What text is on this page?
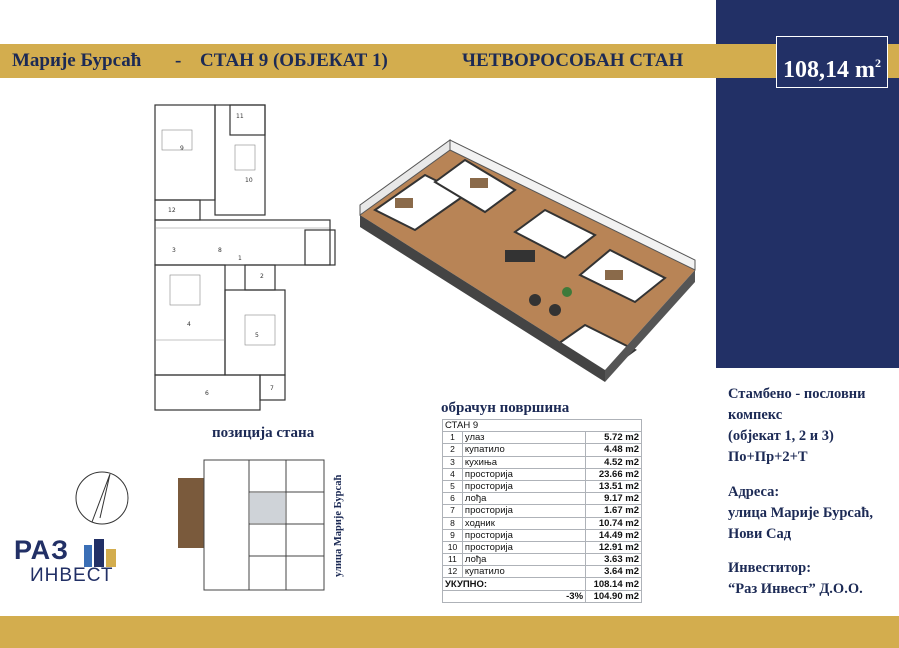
Марије Бурсаћ - СТАН 9 (ОБЈЕКАТ 1)	ЧЕТВОРОСОБАН СТАН	108,14 $m^2$
1
2
3
4
5
6
7
8
9
10
11
12
позиција стана
улица Марије Бурсаћ
РАЗ
ИНВЕСТ
обрачун површина
СТАН 9		
1	улаз	5.72 m2
2	купатило	4.48 m2
3	кухиња	4.52 m2
4	просторија	23.66 m2
5	просторија	13.51 m2
6	лођа	9.17 m2
7	просторија	1.67 m2
8	ходник	10.74 m2
9	просторија	14.49 m2
10	просторија	12.91 m2
11	лођа	3.63 m2
12	купатило	3.64 m2
УКУПНО:		108.14 m2
-3%		104.90 m2
Стамбено - пословни
компекс
(објекат 1, 2 и 3)
По+Пр+2+Т
Адреса:
улица Марије Бурсаћ,
Нови Сад
Инвеститор:
“Раз Инвест” Д.О.О.
